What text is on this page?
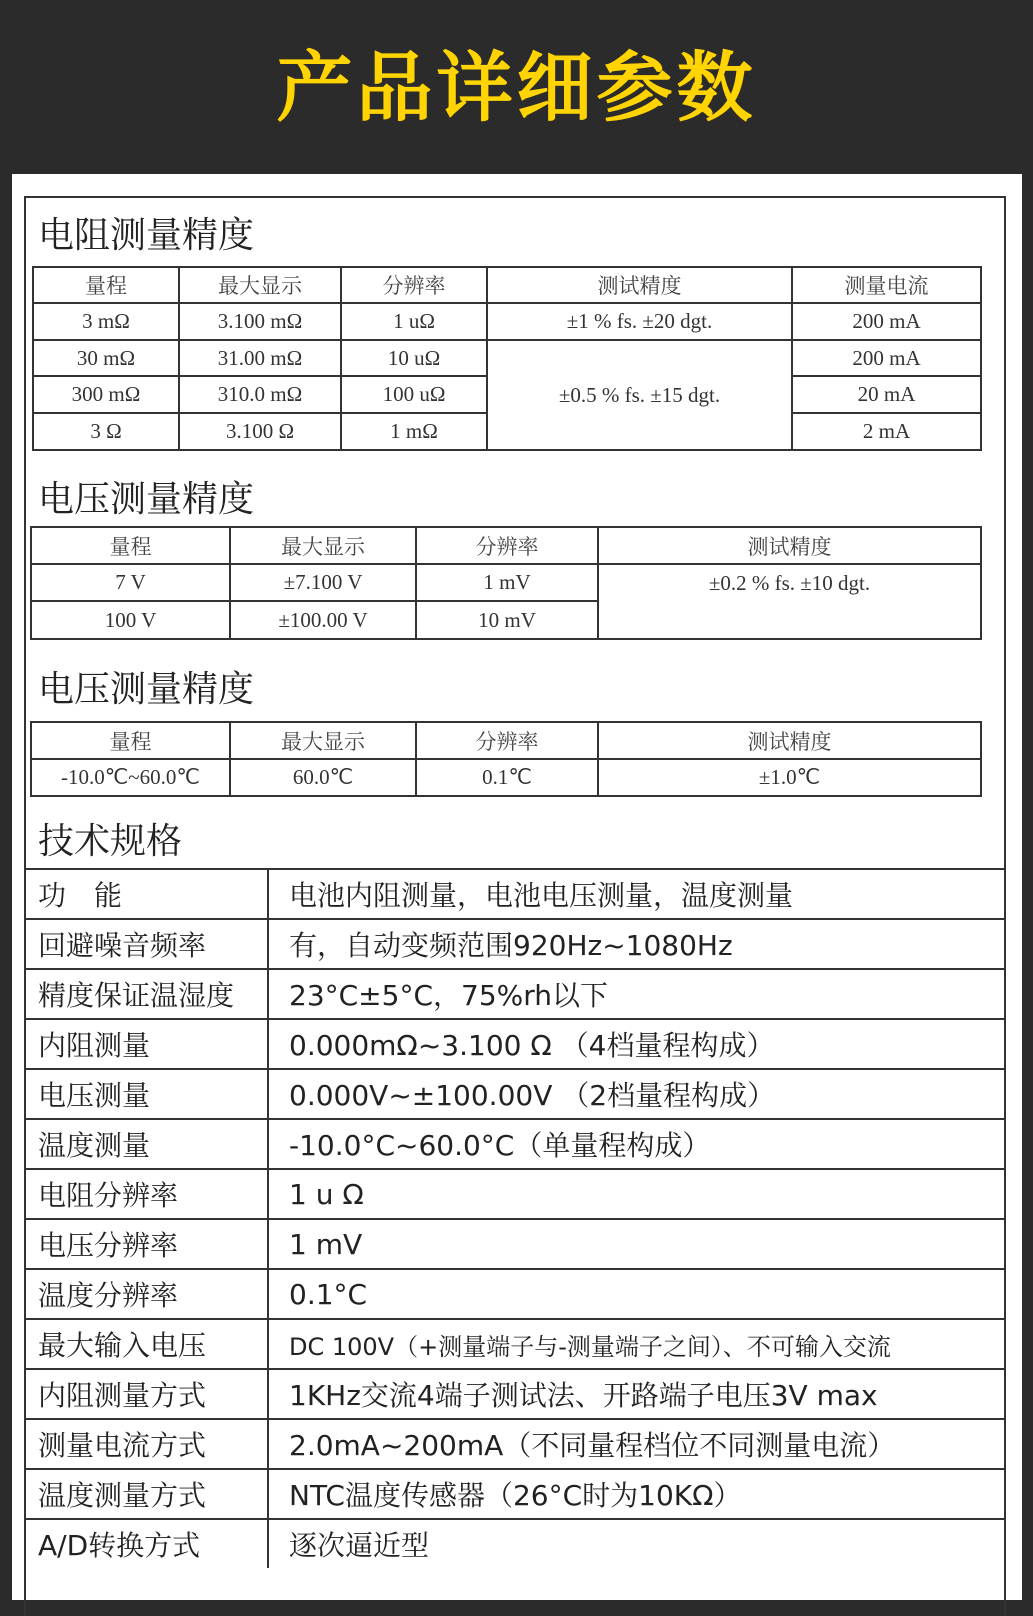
产品详细参数
电阻测量精度
量程	最大显示	分辨率	测试精度	测量电流
3 mΩ	3.100 mΩ	1 uΩ	±1 % fs. ±20 dgt.	200 mA
30 mΩ	31.00 mΩ	10 uΩ	±0.5 % fs. ±15 dgt.	200 mA
300 mΩ	310.0 mΩ	100 uΩ		20 mA
3 Ω	3.100 Ω	1 mΩ		2 mA
电压测量精度
量程	最大显示	分辨率	测试精度
7 V	±7.100 V	1 mV	±0.2 % fs. ±10 dgt.
100 V	±100.00 V	10 mV	
电压测量精度
量程	最大显示	分辨率	测试精度
-10.0℃~60.0℃	60.0℃	0.1℃	±1.0℃
技术规格
功　能	电池内阻测量，电池电压测量，温度测量
回避噪音频率	有，自动变频范围920Hz~1080Hz
精度保证温湿度	23°C±5°C，75%rh以下
内阻测量	0.000mΩ~3.100 Ω （4档量程构成）
电压测量	0.000V~±100.00V （2档量程构成）
温度测量	-10.0°C~60.0°C（单量程构成）
电阻分辨率	1 u Ω
电压分辨率	1 mV
温度分辨率	0.1°C
最大输入电压	DC 100V（+测量端子与-测量端子之间）、不可输入交流
内阻测量方式	1KHz交流4端子测试法、开路端子电压3V max
测量电流方式	2.0mA~200mA（不同量程档位不同测量电流）
温度测量方式	NTC温度传感器（26°C时为10KΩ）
A/D转换方式	逐次逼近型
